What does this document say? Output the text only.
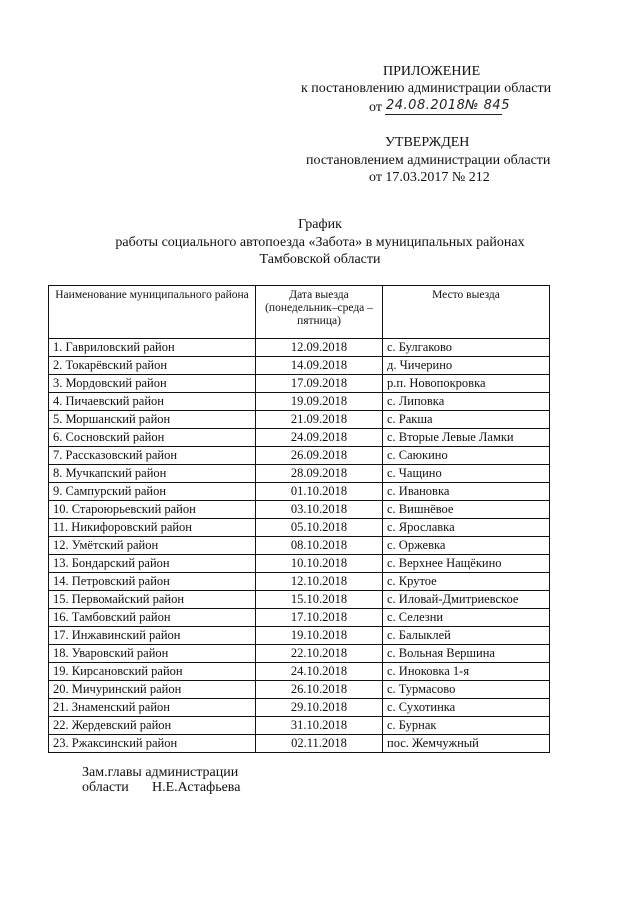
ПРИЛОЖЕНИЕ
к постановлению администрации области
от 24.08.2018 № 845
УТВЕРЖДЕН
постановлением администрации области
от 17.03.2017 № 212
График
работы социального автопоезда «Забота» в муниципальных районах
Тамбовской области
Наименование муниципального района	Дата выезда (понедельник–среда – пятница)	Место выезда
1. Гавриловский район	12.09.2018	с. Булгаково
2. Токарёвский район	14.09.2018	д. Чичерино
3. Мордовский район	17.09.2018	р.п. Новопокровка
4. Пичаевский район	19.09.2018	с. Липовка
5. Моршанский район	21.09.2018	с. Ракша
6. Сосновский район	24.09.2018	с. Вторые Левые Ламки
7. Рассказовский район	26.09.2018	с. Саюкино
8. Мучкапский район	28.09.2018	с. Чащино
9. Сампурский район	01.10.2018	с. Ивановка
10. Староюрьевский район	03.10.2018	с. Вишнёвое
11. Никифоровский район	05.10.2018	с. Ярославка
12. Умётский район	08.10.2018	с. Оржевка
13. Бондарский район	10.10.2018	с. Верхнее Нащёкино
14. Петровский район	12.10.2018	с. Крутое
15. Первомайский район	15.10.2018	с. Иловай-Дмитриевское
16. Тамбовский район	17.10.2018	с. Селезни
17. Инжавинский район	19.10.2018	с. Балыклей
18. Уваровский район	22.10.2018	с. Вольная Вершина
19. Кирсановский район	24.10.2018	с. Иноковка 1-я
20. Мичуринский район	26.10.2018	с. Турмасово
21. Знаменский район	29.10.2018	с. Сухотинка
22. Жердевский район	31.10.2018	с. Бурнак
23. Ржаксинский район	02.11.2018	пос. Жемчужный
Зам.главы администрации
области Н.Е.Астафьева
